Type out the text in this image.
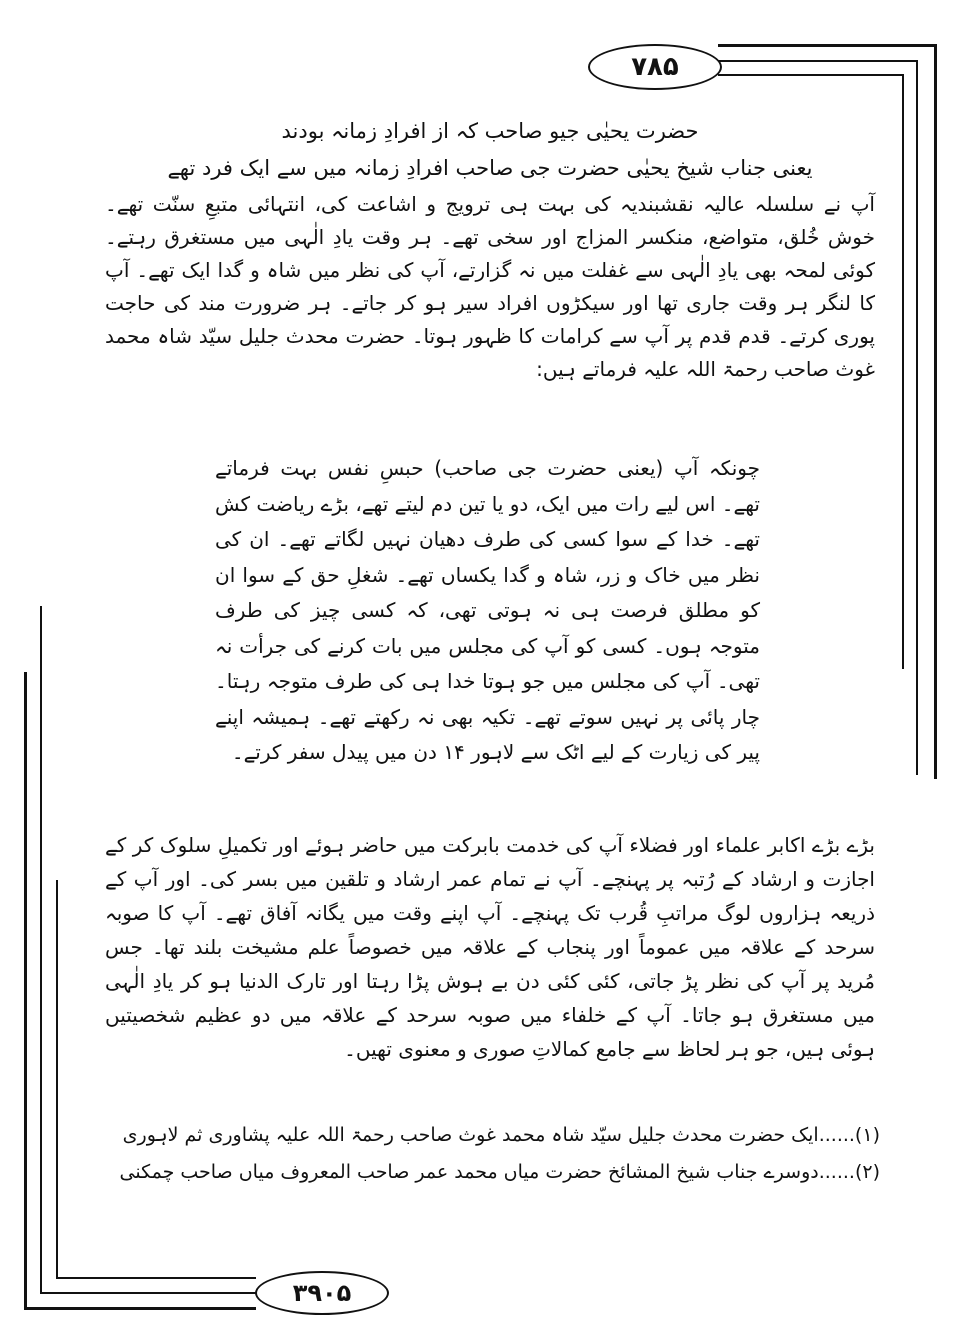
۷۸۵
۳۹۰۵
حضرت یحیٰی جیو صاحب کہ از افرادِ زمانہ بودند
یعنی جناب شیخ یحیٰی حضرت جی صاحب افرادِ زمانہ میں سے ایک فرد تھے
آپ نے سلسلہ عالیہ نقشبندیہ کی بہت ہی ترویج و اشاعت کی، انتہائی متبعِ سنّت تھے۔ خوش خُلق، متواضع، منکسر المزاج اور سخی تھے۔ ہر وقت یادِ الٰہی میں مستغرق رہتے۔ کوئی لمحہ بھی یادِ الٰہی سے غفلت میں نہ گزارتے، آپ کی نظر میں شاہ و گدا ایک تھے۔ آپ کا لنگر ہر وقت جاری تھا اور سیکڑوں افراد سیر ہو کر جاتے۔ ہر ضرورت مند کی حاجت پوری کرتے۔ قدم قدم پر آپ سے کرامات کا ظہور ہوتا۔ حضرت محدث جلیل سیّد شاہ محمد غوث صاحب رحمۃ اللہ علیہ فرماتے ہیں:
چونکہ آپ (یعنی حضرت جی صاحب) حبسِ نفس بہت فرماتے تھے۔ اس لیے رات میں ایک، دو یا تین دم لیتے تھے، بڑے ریاضت کش تھے۔ خدا کے سوا کسی کی طرف دھیان نہیں لگاتے تھے۔ ان کی نظر میں خاک و زر، شاہ و گدا یکساں تھے۔ شغلِ حق کے سوا ان کو مطلق فرصت ہی نہ ہوتی تھی، کہ کسی چیز کی طرف متوجہ ہوں۔ کسی کو آپ کی مجلس میں بات کرنے کی جرأت نہ تھی۔ آپ کی مجلس میں جو ہوتا خدا ہی کی طرف متوجہ رہتا۔ چار پائی پر نہیں سوتے تھے۔ تکیہ بھی نہ رکھتے تھے۔ ہمیشہ اپنے پیر کی زیارت کے لیے اٹک سے لاہور ۱۴ دن میں پیدل سفر کرتے۔
بڑے بڑے اکابر علماء اور فضلاء آپ کی خدمت بابرکت میں حاضر ہوئے اور تکمیلِ سلوک کر کے اجازت و ارشاد کے رُتبہ پر پہنچے۔ آپ نے تمام عمر ارشاد و تلقین میں بسر کی۔ اور آپ کے ذریعہ ہزاروں لوگ مراتبِ قُرب تک پہنچے۔ آپ اپنے وقت میں یگانہ آفاق تھے۔ آپ کا صوبہ سرحد کے علاقہ میں عموماً اور پنجاب کے علاقہ میں خصوصاً علم مشیخت بلند تھا۔ جس مُرید پر آپ کی نظر پڑ جاتی، کئی کئی دن بے ہوش پڑا رہتا اور تارک الدنیا ہو کر یادِ الٰہی میں مستغرق ہو جاتا۔ آپ کے خلفاء میں صوبہ سرحد کے علاقہ میں دو عظیم شخصیتیں ہوئی ہیں، جو ہر لحاظ سے جامع کمالاتِ صوری و معنوی تھیں۔
(۱)......ایک حضرت محدث جلیل سیّد شاہ محمد غوث صاحب رحمۃ اللہ علیہ پشاوری ثم لاہوری
(۲)......دوسرے جناب شیخ المشائخ حضرت میاں محمد عمر صاحب المعروف میاں صاحب چمکنی
